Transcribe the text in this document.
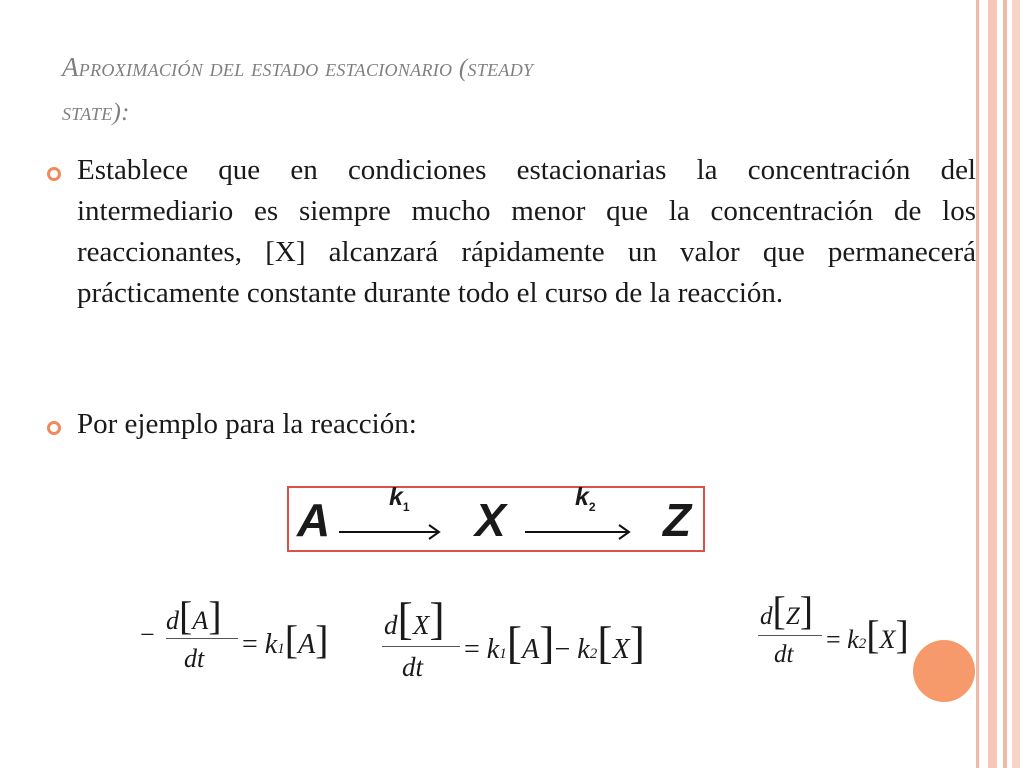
Aproximación del estado estacionario (steady
state):
Establece que en condiciones estacionarias la concentración del intermediario es siempre mucho menor que la concentración de los reaccionantes, [X] alcanzará rápidamente un valor que permanecerá prácticamente constante durante todo el curso de la reacción.
Por ejemplo para la reacción:
A	X	Z
$k_1$	$k_2$
− d[A]
dt = k1[A] d[X]
dt
= k1[A]− k2[X]
d[Z]
dt
= k2[X]
